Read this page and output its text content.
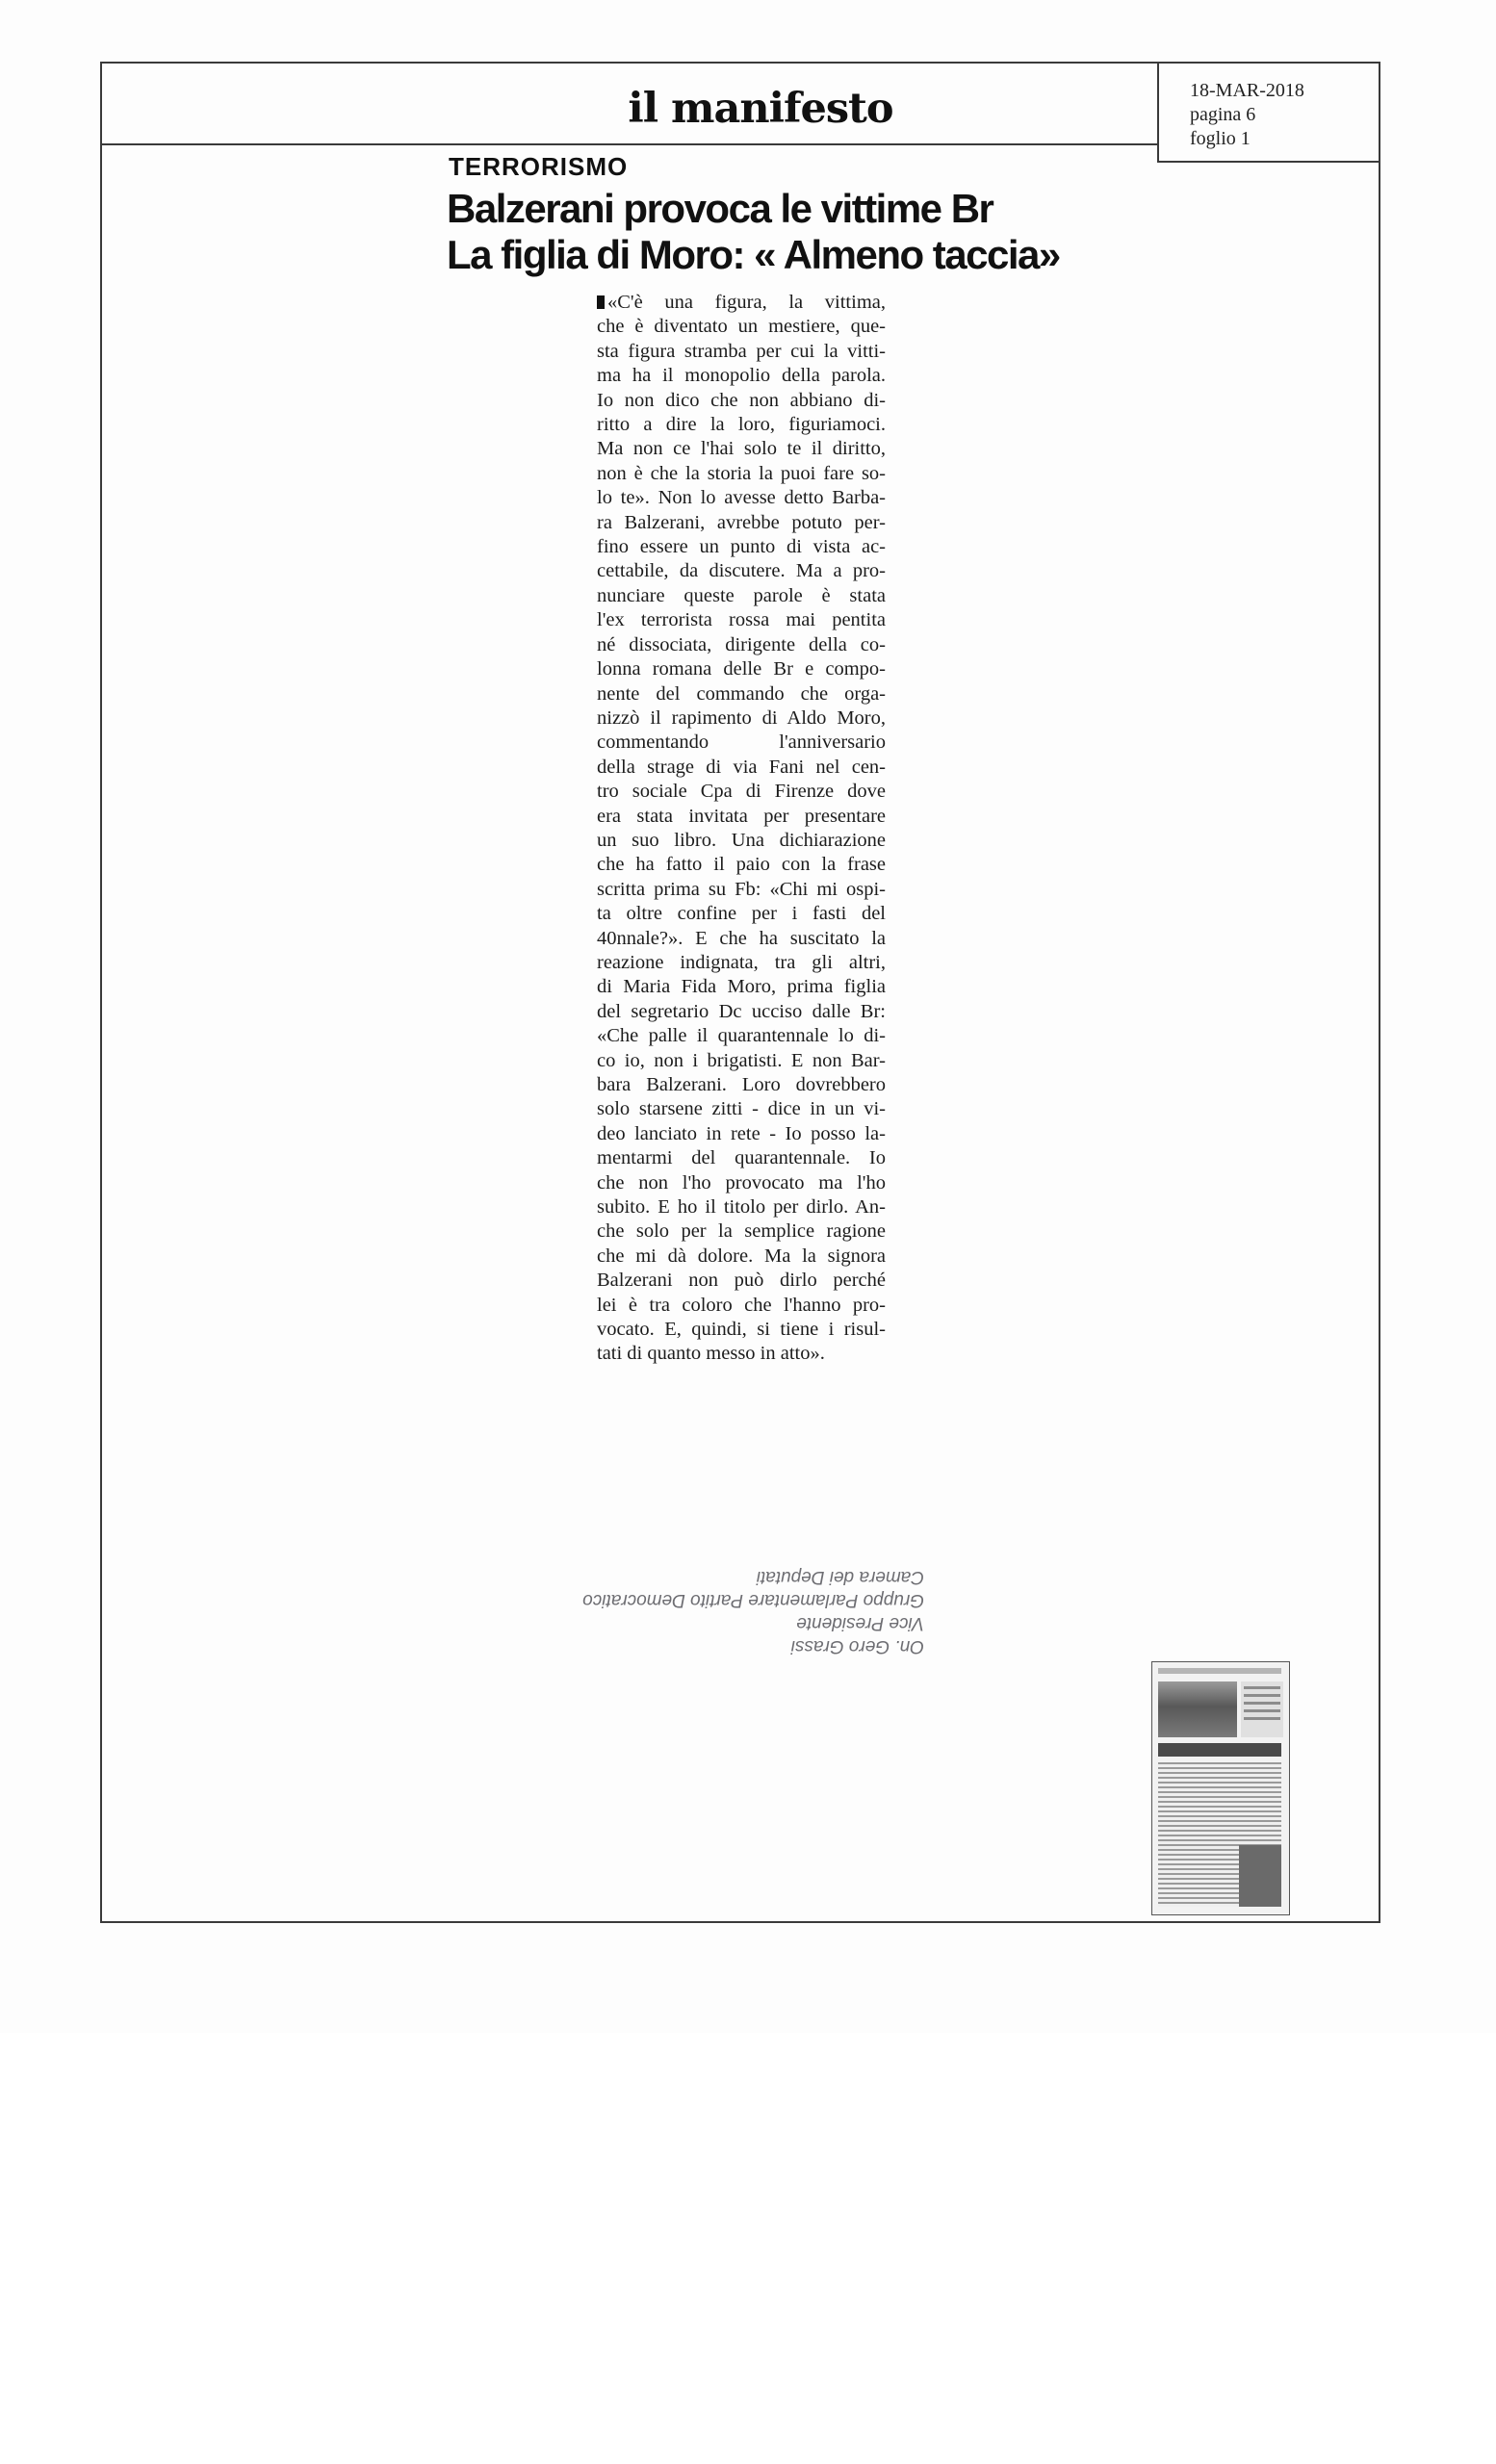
il manifesto	18-MAR-2018
pagina 6
foglio 1
TERRORISMO
Balzerani provoca le vittime Br
La figlia di Moro: « Almeno taccia»
«C'è una figura, la vittima,
che è diventato un mestiere, que-
sta figura stramba per cui la vitti-
ma ha il monopolio della parola.
Io non dico che non abbiano di-
ritto a dire la loro, figuriamoci.
Ma non ce l'hai solo te il diritto,
non è che la storia la puoi fare so-
lo te». Non lo avesse detto Barba-
ra Balzerani, avrebbe potuto per-
fino essere un punto di vista ac-
cettabile, da discutere. Ma a pro-
nunciare queste parole è stata
l'ex terrorista rossa mai pentita
né dissociata, dirigente della co-
lonna romana delle Br e compo-
nente del commando che orga-
nizzò il rapimento di Aldo Moro,
commentando l'anniversario
della strage di via Fani nel cen-
tro sociale Cpa di Firenze dove
era stata invitata per presentare
un suo libro. Una dichiarazione
che ha fatto il paio con la frase
scritta prima su Fb: «Chi mi ospi-
ta oltre confine per i fasti del
40nnale?». E che ha suscitato la
reazione indignata, tra gli altri,
di Maria Fida Moro, prima figlia
del segretario Dc ucciso dalle Br:
«Che palle il quarantennale lo di-
co io, non i brigatisti. E non Bar-
bara Balzerani. Loro dovrebbero
solo starsene zitti - dice in un vi-
deo lanciato in rete - Io posso la-
mentarmi del quarantennale. Io
che non l'ho provocato ma l'ho
subito. E ho il titolo per dirlo. An-
che solo per la semplice ragione
che mi dà dolore. Ma la signora
Balzerani non può dirlo perché
lei è tra coloro che l'hanno pro-
vocato. E, quindi, si tiene i risul-
tati di quanto messo in atto».
On. Gero Grassi
Vice Presidente
Gruppo Parlamentare Partito Democratico
Camera dei Deputati
